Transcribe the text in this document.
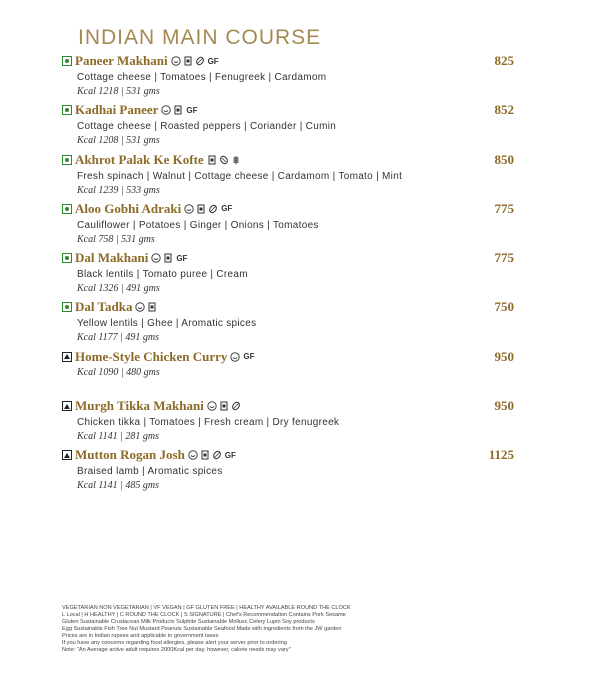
INDIAN MAIN COURSE
Paneer Makhani	GF	825
Cottage cheese | Tomatoes | Fenugreek | Cardamom
Kcal 1218 | 531 gms
Kadhai Paneer	GF	852
Cottage cheese | Roasted peppers | Coriander | Cumin
Kcal 1208 | 531 gms
Akhrot Palak Ke Kofte	850
Fresh spinach | Walnut | Cottage cheese | Cardamom | Tomato | Mint
Kcal 1239 | 533 gms
Aloo Gobhi Adraki	GF	775
Cauliflower | Potatoes | Ginger | Onions | Tomatoes
Kcal 758 | 531 gms
Dal Makhani	GF	775
Black lentils | Tomato puree | Cream
Kcal 1326 | 491 gms
Dal Tadka	750
Yellow lentils | Ghee | Aromatic spices
Kcal 1177 | 491 gms
Home-Style Chicken Curry GF	950
Kcal 1090 | 480 gms
Murgh Tikka Makhani	950
Chicken tikka | Tomatoes | Fresh cream | Dry fenugreek
Kcal 1141 | 281 gms
Mutton Rogan Josh	GF	1125
Braised lamb | Aromatic spices
Kcal 1141 | 485 gms
VEGETARIAN NON VEGETARIAN | VF VEGAN | GF GLUTEN FREE | HEALTHY AVAILABLE ROUND THE CLOCK
L Local | H HEALTHY | C ROUND THE CLOCK | S SIGNATURE | Chef's Recommendation Contains Pork Sesame
Gluten Sustainable Crustacean Milk Products Sulphite Sustainable Mollusc Celery Lupin Soy products
Egg Sustainable Fish Tree Nut Mustard Peanuts Sustainable Seafood Made with ingredients from the JW garden
Prices are in Indian rupees and applicable to government taxes
If you have any concerns regarding food allergies, please alert your server prior to ordering
Note: "An Average active adult requires 2000Kcal per day, however, calorie needs may vary"
